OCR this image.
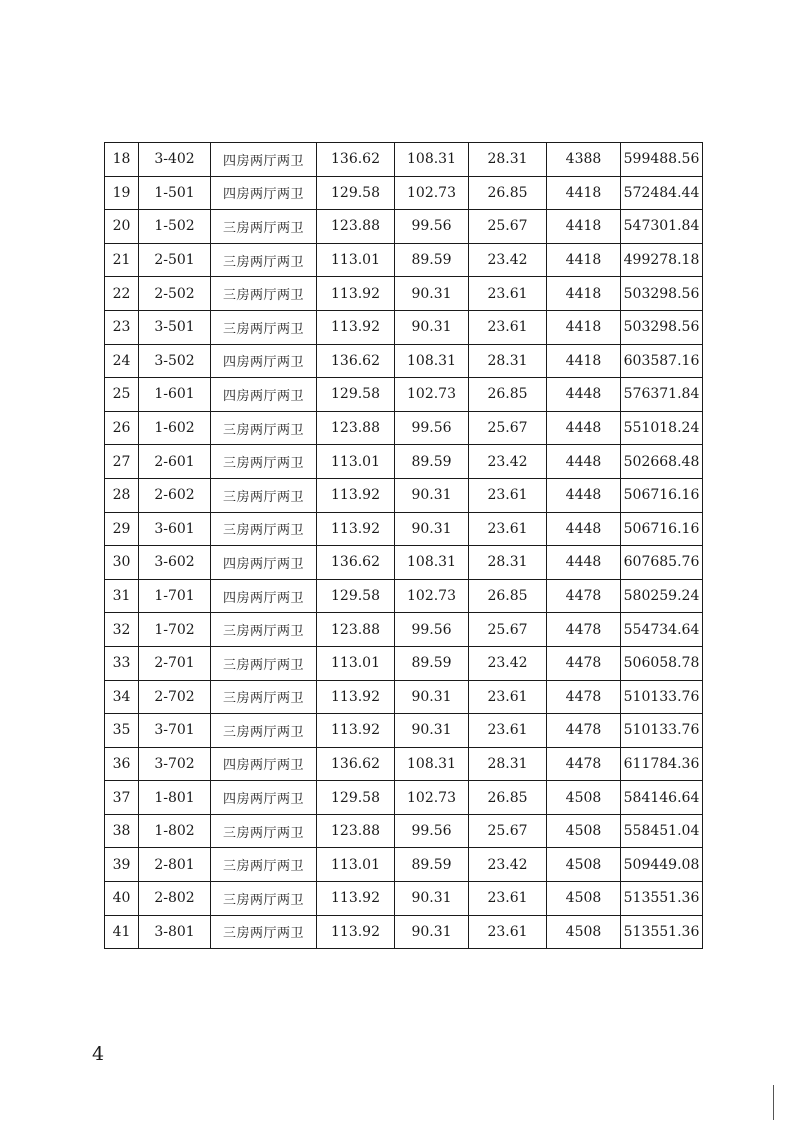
18	3-402	四房两厅两卫	136.62	108.31	28.31	4388	599488.56
19	1-501	四房两厅两卫	129.58	102.73	26.85	4418	572484.44
20	1-502	三房两厅两卫	123.88	99.56	25.67	4418	547301.84
21	2-501	三房两厅两卫	113.01	89.59	23.42	4418	499278.18
22	2-502	三房两厅两卫	113.92	90.31	23.61	4418	503298.56
23	3-501	三房两厅两卫	113.92	90.31	23.61	4418	503298.56
24	3-502	四房两厅两卫	136.62	108.31	28.31	4418	603587.16
25	1-601	四房两厅两卫	129.58	102.73	26.85	4448	576371.84
26	1-602	三房两厅两卫	123.88	99.56	25.67	4448	551018.24
27	2-601	三房两厅两卫	113.01	89.59	23.42	4448	502668.48
28	2-602	三房两厅两卫	113.92	90.31	23.61	4448	506716.16
29	3-601	三房两厅两卫	113.92	90.31	23.61	4448	506716.16
30	3-602	四房两厅两卫	136.62	108.31	28.31	4448	607685.76
31	1-701	四房两厅两卫	129.58	102.73	26.85	4478	580259.24
32	1-702	三房两厅两卫	123.88	99.56	25.67	4478	554734.64
33	2-701	三房两厅两卫	113.01	89.59	23.42	4478	506058.78
34	2-702	三房两厅两卫	113.92	90.31	23.61	4478	510133.76
35	3-701	三房两厅两卫	113.92	90.31	23.61	4478	510133.76
36	3-702	四房两厅两卫	136.62	108.31	28.31	4478	611784.36
37	1-801	四房两厅两卫	129.58	102.73	26.85	4508	584146.64
38	1-802	三房两厅两卫	123.88	99.56	25.67	4508	558451.04
39	2-801	三房两厅两卫	113.01	89.59	23.42	4508	509449.08
40	2-802	三房两厅两卫	113.92	90.31	23.61	4508	513551.36
41	3-801	三房两厅两卫	113.92	90.31	23.61	4508	513551.36
4
